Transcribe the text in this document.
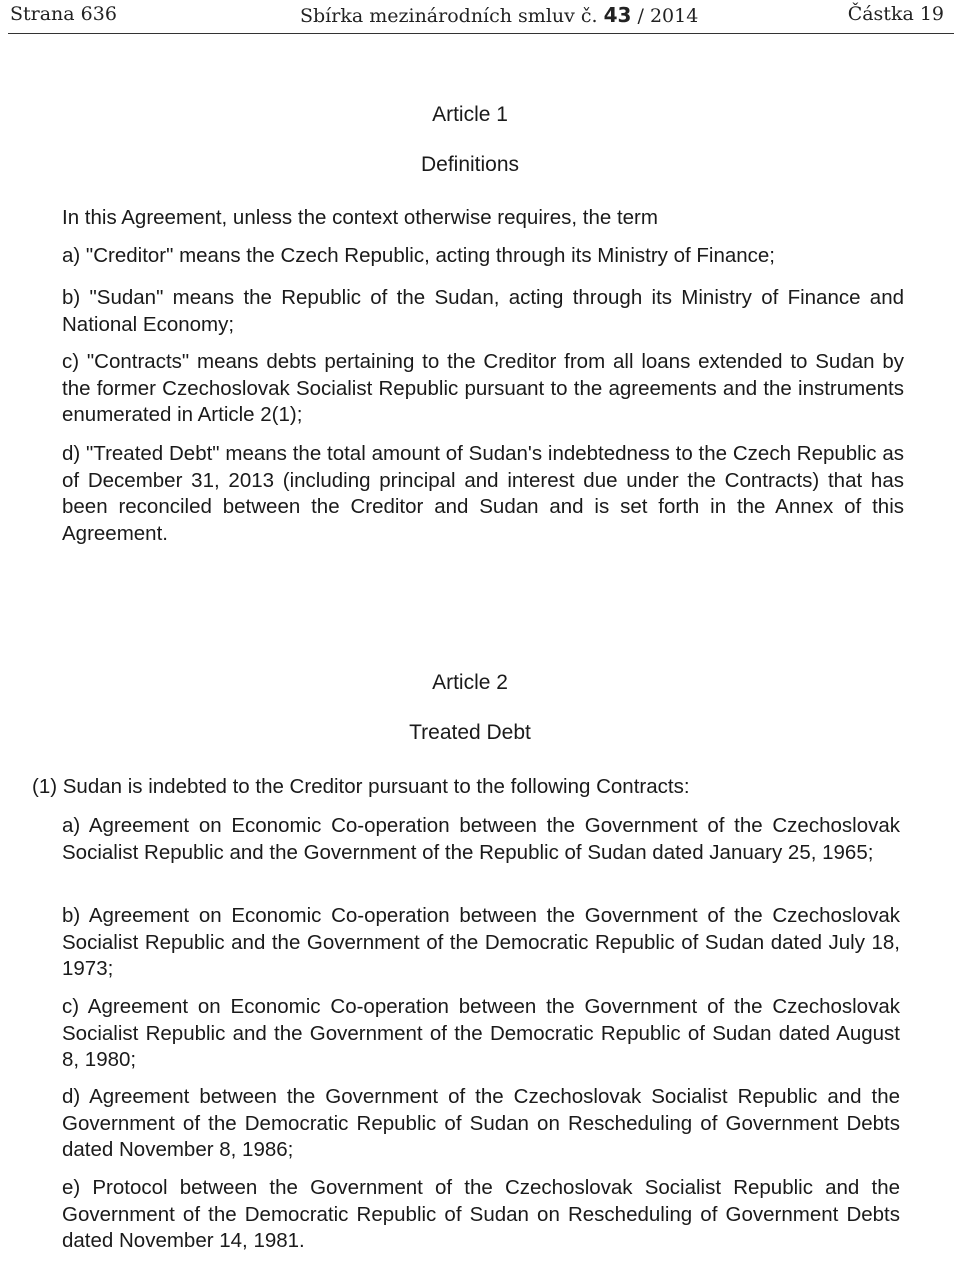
Strana 636	Sbírka mezinárodních smluv č. 43 / 2014	Částka 19
Article 1
Definitions
In this Agreement, unless the context otherwise requires, the term
a) "Creditor" means the Czech Republic, acting through its Ministry of Finance;
b) "Sudan" means the Republic of the Sudan, acting through its Ministry of Finance and National Economy;
c) "Contracts" means debts pertaining to the Creditor from all loans extended to Sudan by the former Czechoslovak Socialist Republic pursuant to the agreements and the instruments enumerated in Article 2(1);
d) "Treated Debt" means the total amount of Sudan's indebtedness to the Czech Republic as of December 31, 2013 (including principal and interest due under the Contracts) that has been reconciled between the Creditor and Sudan and is set forth in the Annex of this Agreement.
Article 2
Treated Debt
(1) Sudan is indebted to the Creditor pursuant to the following Contracts:
a) Agreement on Economic Co-operation between the Government of the Czechoslovak Socialist Republic and the Government of the Republic of Sudan dated January 25, 1965;
b) Agreement on Economic Co-operation between the Government of the Czechoslovak Socialist Republic and the Government of the Democratic Republic of Sudan dated July 18, 1973;
c) Agreement on Economic Co-operation between the Government of the Czechoslovak Socialist Republic and the Government of the Democratic Republic of Sudan dated August 8, 1980;
d) Agreement between the Government of the Czechoslovak Socialist Republic and the Government of the Democratic Republic of Sudan on Rescheduling of Government Debts dated November 8, 1986;
e) Protocol between the Government of the Czechoslovak Socialist Republic and the Government of the Democratic Republic of Sudan on Rescheduling of Government Debts dated November 14, 1981.
